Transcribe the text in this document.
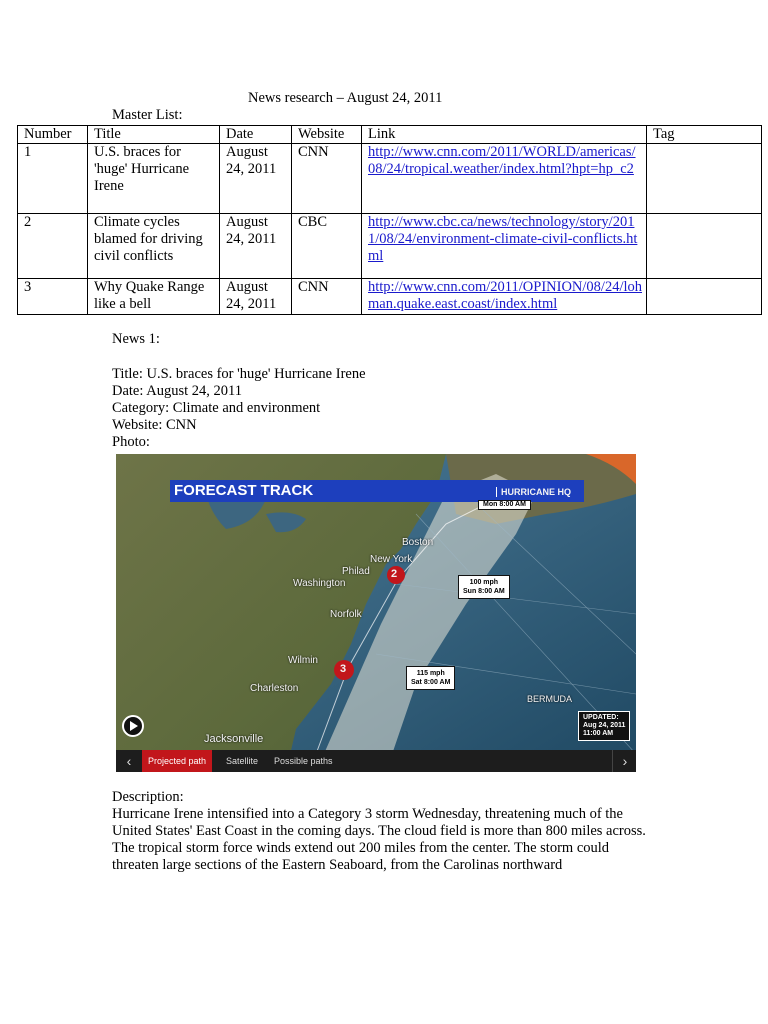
News research – August 24, 2011
Master List:
Number	Title	Date	Website	Link	Tag
1	U.S. braces for 'huge' Hurricane Irene	August 24, 2011	CNN	http://www.cnn.com/2011/WORLD/americas/08/24/tropical.weather/index.html?hpt=hp_c2	
2	Climate cycles blamed for driving civil conflicts	August 24, 2011	CBC	http://www.cbc.ca/news/technology/story/2011/08/24/environment-climate-civil-conflicts.html	
3	Why Quake Range like a bell	August 24, 2011	CNN	http://www.cnn.com/2011/OPINION/08/24/lohman.quake.east.coast/index.html	
News 1:
Title: U.S. braces for 'huge' Hurricane Irene
Date: August 24, 2011
Category: Climate and environment
Website: CNN
Photo:
FORECAST TRACK	HURRICANE HQ
Mon 8:00 AM
Boston
New York
Philad
Washington
Norfolk
Wilmin
Charleston
Jacksonville
BERMUDA
2
3
100 mph
Sun 8:00 AM
115 mph
Sat 8:00 AM
UPDATED:
Aug 24, 2011
11:00 AM
‹	Projected path	Satellite	Possible paths	›
Description:
Hurricane Irene intensified into a Category 3 storm Wednesday, threatening much of the United States' East Coast in the coming days. The cloud field is more than 800 miles across. The tropical storm force winds extend out 200 miles from the center. The storm could threaten large sections of the Eastern Seaboard, from the Carolinas northward
